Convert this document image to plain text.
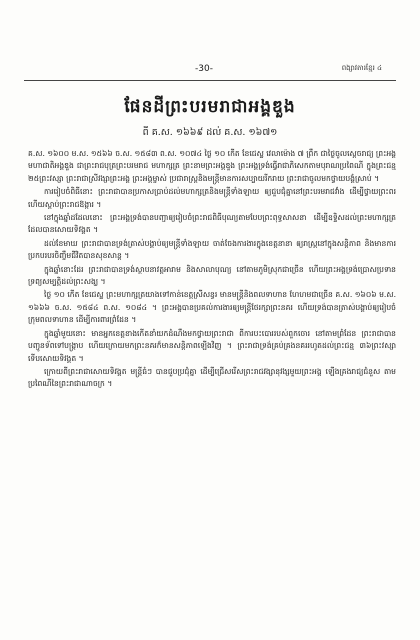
-30-	ពង្សាវតារខ្មែរ ៤
ផែនដីព្រះបរមរាជាអង្គឌួង
ពី គ.ស. ១៦៦៩ ដល់ គ.ស. ១៦៧១

គ.ស. ១៦០០ ម.ស. ១៥៦៦ ច.ស. ១៥៨៣ ព.ស. ១០៧៤ ថ្ងៃ ១០ កើត ខែជេស្ឋ វេលាម៉ោង ៧ ព្រឹក ជាថ្ងៃចូលស្តេចរាជ្យ ព្រះអង្គមហាជាតិអង្គឌួង ជាព្រះរាជបុត្រព្រះបរមរាជ មហាក្សត្រ ព្រះនាមព្រះអង្គឌួង ព្រះអង្គទ្រង់ធ្វើរាជាភិសេកតាមបុរាណប្រពៃណី ក្នុងព្រះជន្ម ២៥ព្រះវស្សា ព្រះរាជាស្រីវង្សាព្រះអង្គ ព្រះអង្គម្ចាស់ ប្រជារាស្ត្រនិងមន្ត្រីមានការសប្បាយរីករាយ ព្រះរាជាចូលមកថ្វាយបង្គំស្រាប់ ។

ការរៀបចំពិធីនោះ ព្រះរាជាបានប្រកាសប្រាប់ដល់មហាក្សត្រនិងមន្ត្រីទាំងឡាយ ឲ្យជួបជុំគ្នានៅព្រះបរមរាជវាំង ដើម្បីថ្វាយព្រះពរ ហើយស្តាប់ព្រះរាជឱង្ការ ។

នៅក្នុងឆ្នាំដដែលនោះ ព្រះអង្គទ្រង់បានបញ្ជាឲ្យរៀបចំព្រះរាជពិធីបុណ្យតាមបែបព្រះពុទ្ធសាសនា ដើម្បីឧទ្ទិសដល់ព្រះមហាក្សត្រដែលបានសោយទិវង្គត ។

ដល់ខែមាឃ ព្រះរាជាបានទ្រង់ត្រាស់បង្គាប់ឲ្យមន្ត្រីទាំងឡាយ ចាត់ចែងការងារក្នុងខេត្តនានា ឲ្យរាស្ត្រនៅក្នុងសន្តិភាព និងមានការប្រកបរបរចិញ្ចឹមជីវិតបានសុខសាន្ត ។

ក្នុងឆ្នាំនោះដែរ ព្រះរាជាបានទ្រង់ស្ថាបនាវត្តអារាម និងសាលាបុណ្យ នៅតាមភូមិស្រុកជាច្រើន ហើយព្រះអង្គទ្រង់ប្រោសប្រទានទ្រព្យសម្បត្តិដល់ព្រះសង្ឃ ។

ថ្ងៃ ១០ កើត ខែជេស្ឋ ព្រះមហាក្សត្រយាងទៅកាន់ខេត្តស្រីសន្ធរ មានមន្ត្រីនិងពលទាហាន ហែហមជាច្រើន គ.ស. ១៦០៦ ម.ស. ១៦៦៦ ច.ស. ១៥៨៤ ព.ស. ១០៨៤ ។ ព្រះអង្គបានប្រគល់ការងារឲ្យមន្ត្រីថែរក្សាព្រះនគរ ហើយទ្រង់បានត្រាស់បង្គាប់ឲ្យរៀបចំក្រុមពលទាហាន ដើម្បីការពារព្រំដែន ។

ក្នុងឆ្នាំមួយនោះ មានអ្នកខេត្តខាងកើតនាំយកដំណឹងមកថ្វាយព្រះរាជា ពីការបះបោររបស់ពួកចោរ នៅតាមព្រំដែន ព្រះរាជាបានបញ្ជូនទ័ពទៅបង្ក្រាប ហើយក្រោយមកព្រះនគរក៏មានសន្តិភាពឡើងវិញ ។ ព្រះរាជាទ្រង់គ្រប់គ្រងនគររហូតដល់ព្រះជន្ម ៣៦ព្រះវស្សា ទើបសោយទិវង្គត ។

ក្រោយពីព្រះរាជាសោយទិវង្គត មន្ត្រីធំៗ បានជួបប្រជុំគ្នា ដើម្បីជ្រើសរើសព្រះរាជវង្សានុវង្សមួយព្រះអង្គ ឡើងគ្រងរាជ្យជំនួស តាមប្រពៃណីនៃព្រះរាជាណាចក្រ ។
